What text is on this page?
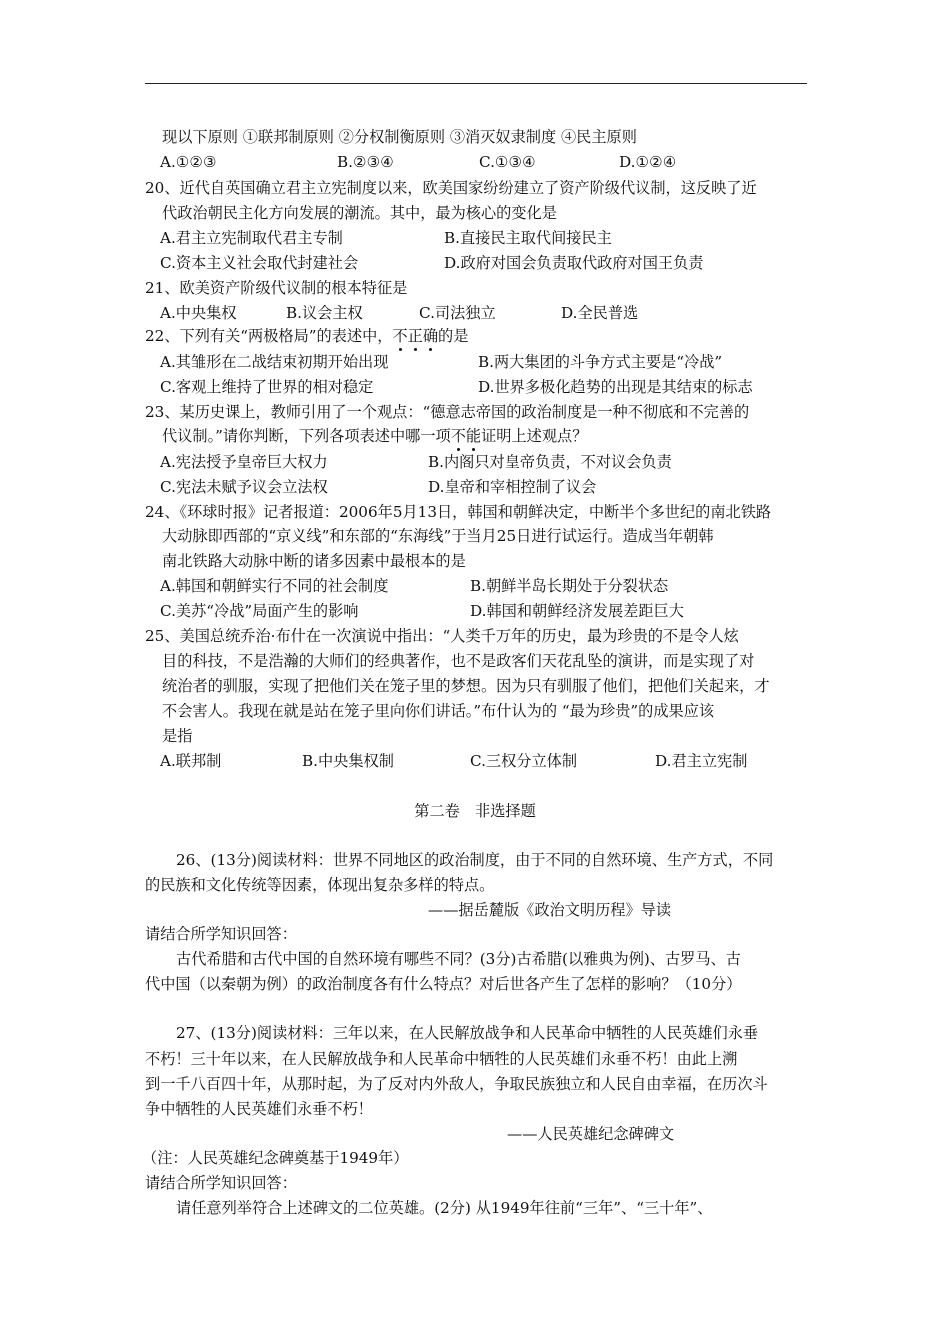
现以下原则 ①联邦制原则 ②分权制衡原则 ③消灭奴隶制度 ④民主原则
A.①②③	B.②③④	C.①③④	D.①②④
20、近代自英国确立君主立宪制度以来，欧美国家纷纷建立了资产阶级代议制，这反映了近
代政治朝民主化方向发展的潮流。其中，最为核心的变化是
A.君主立宪制取代君主专制	B.直接民主取代间接民主
C.资本主义社会取代封建社会	D.政府对国会负责取代政府对国王负责
21、欧美资产阶级代议制的根本特征是
A.中央集权	B.议会主权	C.司法独立	D.全民普选
22、下列有关“两极格局”的表述中，不正确的是
A.其雏形在二战结束初期开始出现	B.两大集团的斗争方式主要是“冷战”
C.客观上维持了世界的相对稳定	D.世界多极化趋势的出现是其结束的标志
23、某历史课上，教师引用了一个观点：“德意志帝国的政治制度是一种不彻底和不完善的
代议制。”请你判断，下列各项表述中哪一项不能证明上述观点？
A.宪法授予皇帝巨大权力	B.内阁只对皇帝负责，不对议会负责
C.宪法未赋予议会立法权	D.皇帝和宰相控制了议会
24、《环球时报》记者报道：2006年5月13日，韩国和朝鲜决定，中断半个多世纪的南北铁路
大动脉即西部的“京义线”和东部的“东海线”于当月25日进行试运行。造成当年朝韩
南北铁路大动脉中断的诸多因素中最根本的是
A.韩国和朝鲜实行不同的社会制度	B.朝鲜半岛长期处于分裂状态
C.美苏“冷战”局面产生的影响	D.韩国和朝鲜经济发展差距巨大
25、美国总统乔治·布什在一次演说中指出：“人类千万年的历史，最为珍贵的不是令人炫
目的科技，不是浩瀚的大师们的经典著作，也不是政客们天花乱坠的演讲，而是实现了对
统治者的驯服，实现了把他们关在笼子里的梦想。因为只有驯服了他们，把他们关起来，才
不会害人。我现在就是站在笼子里向你们讲话。”布什认为的 “最为珍贵”的成果应该
是指
A.联邦制	B.中央集权制	C.三权分立体制	D.君主立宪制
第二卷　非选择题
26、(13分)阅读材料：世界不同地区的政治制度，由于不同的自然环境、生产方式，不同
的民族和文化传统等因素，体现出复杂多样的特点。
——据岳麓版《政治文明历程》导读
请结合所学知识回答：
古代希腊和古代中国的自然环境有哪些不同？(3分)古希腊(以雅典为例)、古罗马、古
代中国（以秦朝为例）的政治制度各有什么特点？对后世各产生了怎样的影响？（10分）
27、(13分)阅读材料：三年以来，在人民解放战争和人民革命中牺牲的人民英雄们永垂
不朽！三十年以来，在人民解放战争和人民革命中牺牲的人民英雄们永垂不朽！由此上溯
到一千八百四十年，从那时起，为了反对内外敌人，争取民族独立和人民自由幸福，在历次斗
争中牺牲的人民英雄们永垂不朽！
——人民英雄纪念碑碑文
（注：人民英雄纪念碑奠基于1949年）
请结合所学知识回答：
请任意列举符合上述碑文的二位英雄。(2分) 从1949年往前“三年”、“三十年”、
